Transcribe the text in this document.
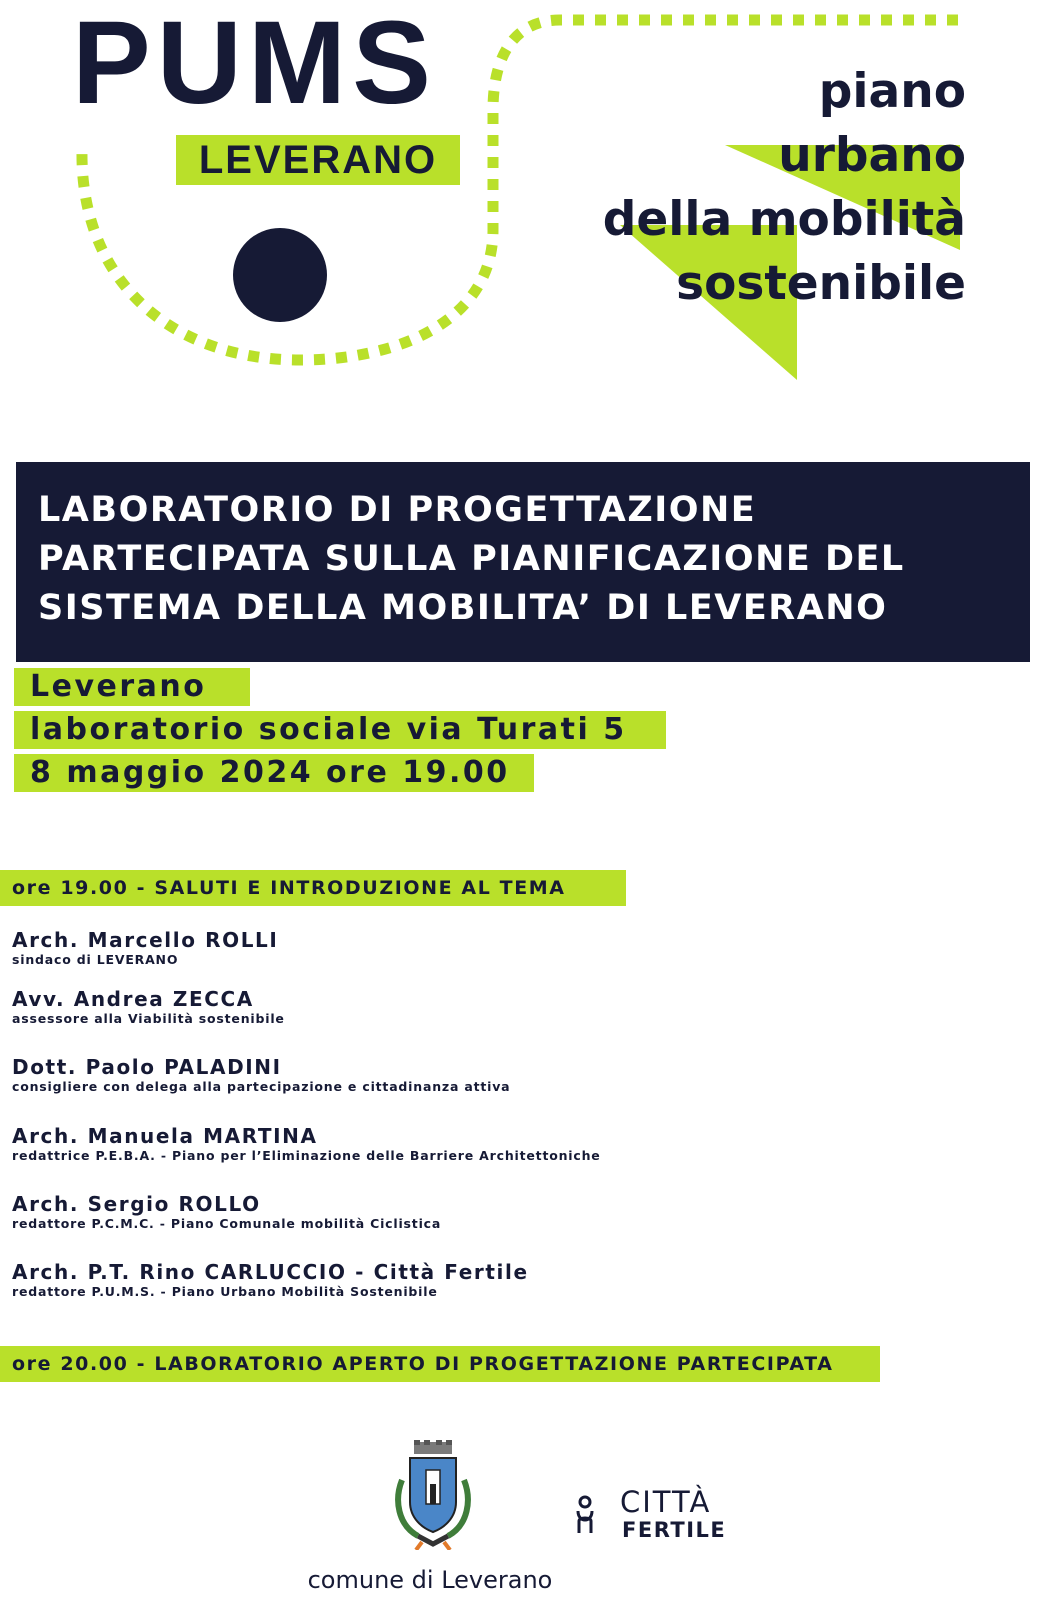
PUMS
LEVERANO
piano
urbano
della mobilità
sostenibile
LABORATORIO DI PROGETTAZIONE
PARTECIPATA SULLA PIANIFICAZIONE DEL
SISTEMA DELLA MOBILITA’ DI LEVERANO
Leverano
laboratorio sociale via Turati 5
8 maggio 2024 ore 19.00
ore 19.00 - SALUTI E INTRODUZIONE AL TEMA
Arch. Marcello ROLLI
sindaco di LEVERANO
Avv. Andrea ZECCA
assessore alla Viabilità sostenibile
Dott. Paolo PALADINI
consigliere con delega alla partecipazione e cittadinanza attiva
Arch. Manuela MARTINA
redattrice P.E.B.A. - Piano per l’Eliminazione delle Barriere Architettoniche
Arch. Sergio ROLLO
redattore P.C.M.C. - Piano Comunale mobilità Ciclistica
Arch. P.T. Rino CARLUCCIO - Città Fertile
redattore P.U.M.S. - Piano Urbano Mobilità Sostenibile
ore 20.00 - LABORATORIO APERTO DI PROGETTAZIONE PARTECIPATA
comune di Leverano
CITTÀ
FERTILE
